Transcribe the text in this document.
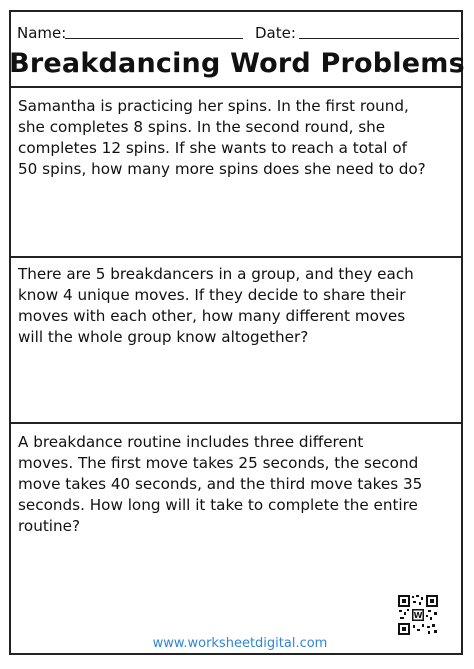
Name:	Date:
Breakdancing Word Problems

Samantha is practicing her spins. In the first round,
she completes 8 spins. In the second round, she
completes 12 spins. If she wants to reach a total of
50 spins, how many more spins does she need to do?

There are 5 breakdancers in a group, and they each
know 4 unique moves. If they decide to share their
moves with each other, how many different moves
will the whole group know altogether?

A breakdance routine includes three different
moves. The first move takes 25 seconds, the second
move takes 40 seconds, and the third move takes 35
seconds. How long will it take to complete the entire
routine?

W
www.worksheetdigital.com
